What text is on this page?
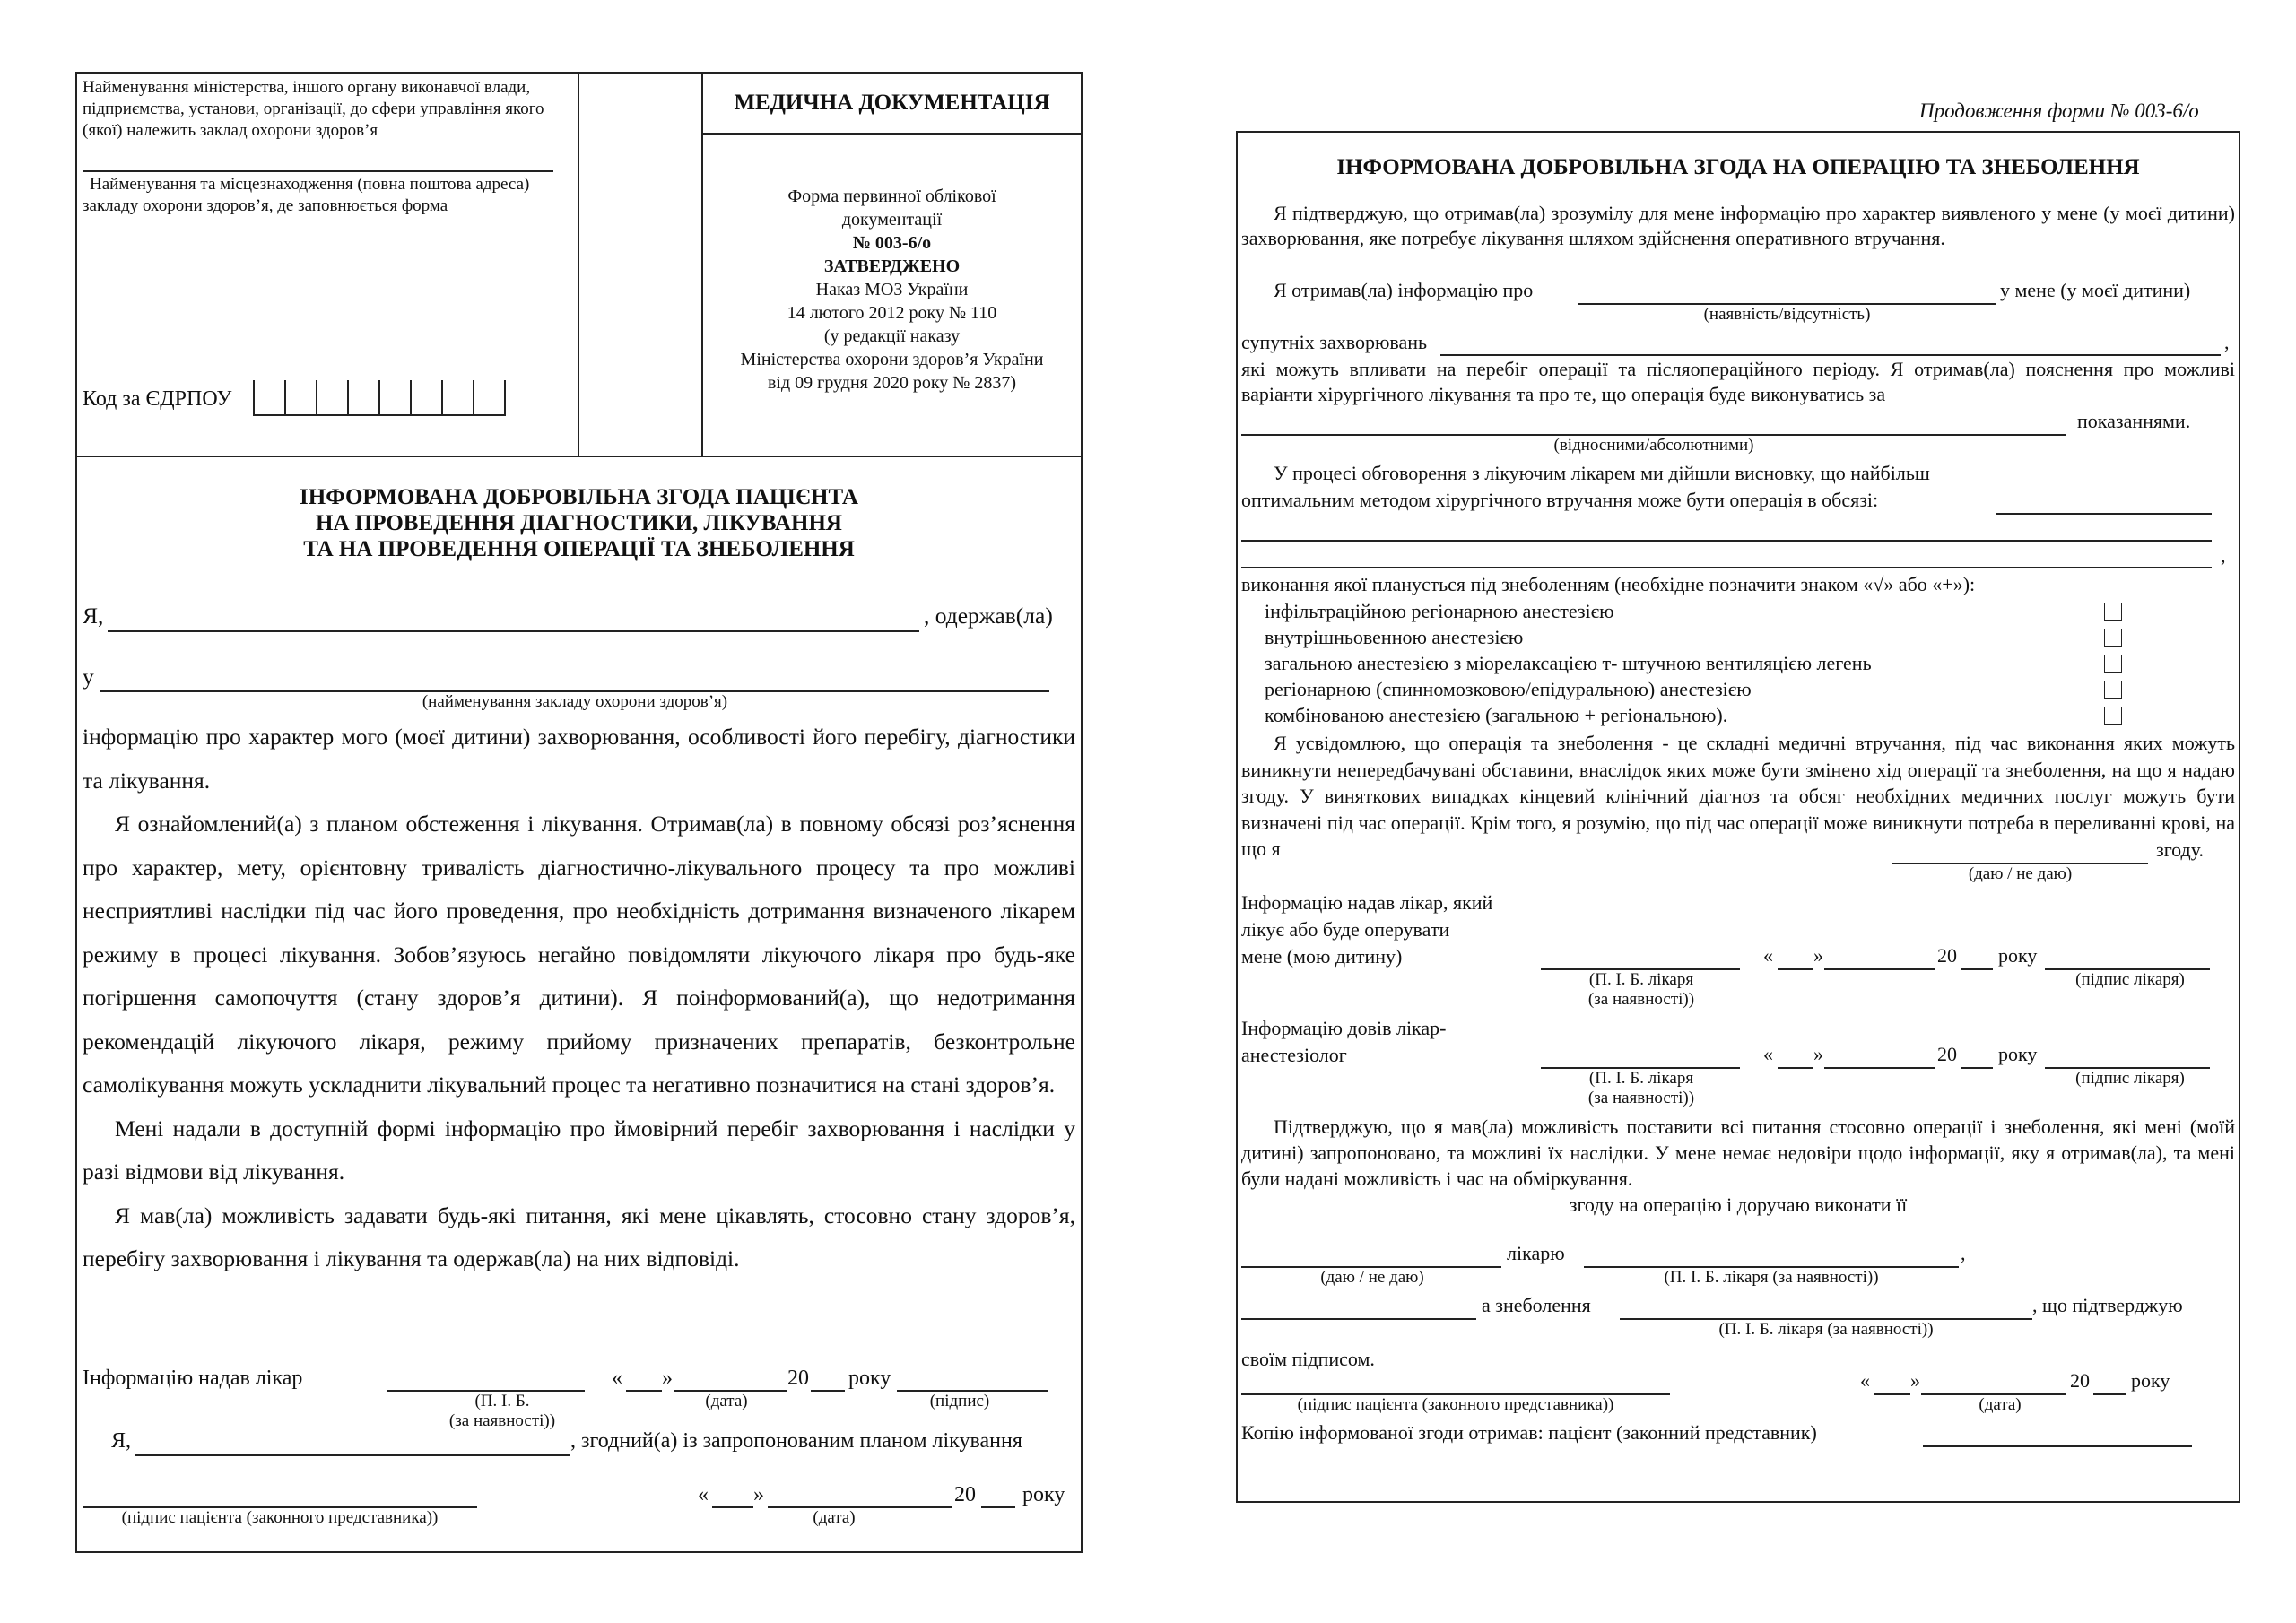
Найменування міністерства, іншого органу виконавчої влади, підприємства, установи, організації, до сфери управління якого (якої) належить заклад охорони здоров’я
Найменування та місцезнаходження (повна поштова адреса) закладу охорони здоров’я, де заповнюється форма
Код за ЄДРПОУ
МЕДИЧНА ДОКУМЕНТАЦІЯ
Форма первинної облікової
документації
№ 003-6/о
ЗАТВЕРДЖЕНО
Наказ МОЗ України
14 лютого 2012 року № 110
(у редакції наказу
Міністерства охорони здоров’я України
від 09 грудня 2020 року № 2837)
ІНФОРМОВАНА ДОБРОВІЛЬНА ЗГОДА ПАЦІЄНТА
НА ПРОВЕДЕННЯ ДІАГНОСТИКИ, ЛІКУВАННЯ
ТА НА ПРОВЕДЕННЯ ОПЕРАЦІЇ ТА ЗНЕБОЛЕННЯ
Я,	, одержав(ла)
у
(найменування закладу охорони здоров’я)
інформацію про характер мого (моєї дитини) захворювання, особливості його перебігу, діагностики та лікування.
Я ознайомлений(а) з планом обстеження і лікування. Отримав(ла) в повному обсязі роз’яснення про характер, мету, орієнтовну тривалість діагностично-лікувального процесу та про можливі несприятливі наслідки під час його проведення, про необхідність дотримання визначеного лікарем режиму в процесі лікування. Зобов’язуюсь негайно повідомляти лікуючого лікаря про будь-яке погіршення самопочуття (стану здоров’я дитини). Я поінформований(а), що недотримання рекомендацій лікуючого лікаря, режиму прийому призначених препаратів, безконтрольне самолікування можуть ускладнити лікувальний процес та негативно позначитися на стані здоров’я.
Мені надали в доступній формі інформацію про ймовірний перебіг захворювання і наслідки у разі відмови від лікування.
Я мав(ла) можливість задавати будь-які питання, які мене цікавлять, стосовно стану здоров’я, перебігу захворювання і лікування та одержав(ла) на них відповіді.
Інформацію надав лікар	« »	20 року
(П. І. Б.
(за наявності))
(дата)	(підпис)
Я,	, згодний(а) із запропонованим планом лікування
(підпис пацієнта (законного представника))
« »	20 року
(дата)
Продовження форми № 003-6/о
ІНФОРМОВАНА ДОБРОВІЛЬНА ЗГОДА НА ОПЕРАЦІЮ ТА ЗНЕБОЛЕННЯ
Я підтверджую, що отримав(ла) зрозумілу для мене інформацію про характер виявленого у мене (у моєї дитини) захворювання, яке потребує лікування шляхом здійснення оперативного втручання.
Я отримав(ла) інформацію про	у мене (у моєї дитини)
(наявність/відсутність)
супутніх захворювань	,
які можуть впливати на перебіг операції та післяопераційного періоду. Я отримав(ла) пояснення про можливі варіанти хірургічного лікування та про те, що операція буде виконуватись за
показаннями.
(відносними/абсолютними)
У процесі обговорення з лікуючим лікарем ми дійшли висновку, що найбільш
оптимальним методом хірургічного втручання може бути операція в обсязі:
,
виконання якої планується під знеболенням (необхідне позначити знаком «√» або «+»):
інфільтраційною регіонарною анестезією
внутрішньовенною анестезією
загальною анестезією з міорелаксацією т- штучною вентиляцією легень
регіонарною (спинномозковою/епідуральною) анестезією
комбінованою анестезією (загальною + регіональною).
Я усвідомлюю, що операція та знеболення - це складні медичні втручання, під час виконання яких можуть виникнути непередбачувані обставини, внаслідок яких може бути змінено хід операції та знеболення, на що я надаю згоду. У виняткових випадках кінцевий клінічний діагноз та обсяг необхідних медичних послуг можуть бути визначені під час операції. Крім того, я розумію, що під час операції може виникнути потреба в переливанні крові, на що я	згоду.
(даю / не даю)
Інформацію надав лікар, який
лікує або буде оперувати
мене (мою дитину)	« »	20 року
(П. І. Б. лікаря
(за наявності))
(підпис лікаря)
Інформацію довів лікар-
анестезіолог	« »	20 року
(П. І. Б. лікаря
(за наявності))
(підпис лікаря)
Підтверджую, що я мав(ла) можливість поставити всі питання стосовно операції і знеболення, які мені (моїй дитині) запропоновано, та можливі їх наслідки. У мене немає недовіри щодо інформації, яку я отримав(ла), та мені були надані можливість і час на обміркування.
згоду на операцію і доручаю виконати її
лікарю	,
(даю / не даю)	(П. І. Б. лікаря (за наявності))
а знеболення	, що підтверджую
(П. І. Б. лікаря (за наявності))
своїм підписом.
(підпис пацієнта (законного представника))
« »	20 року
(дата)
Копію інформованої згоди отримав: пацієнт (законний представник)
